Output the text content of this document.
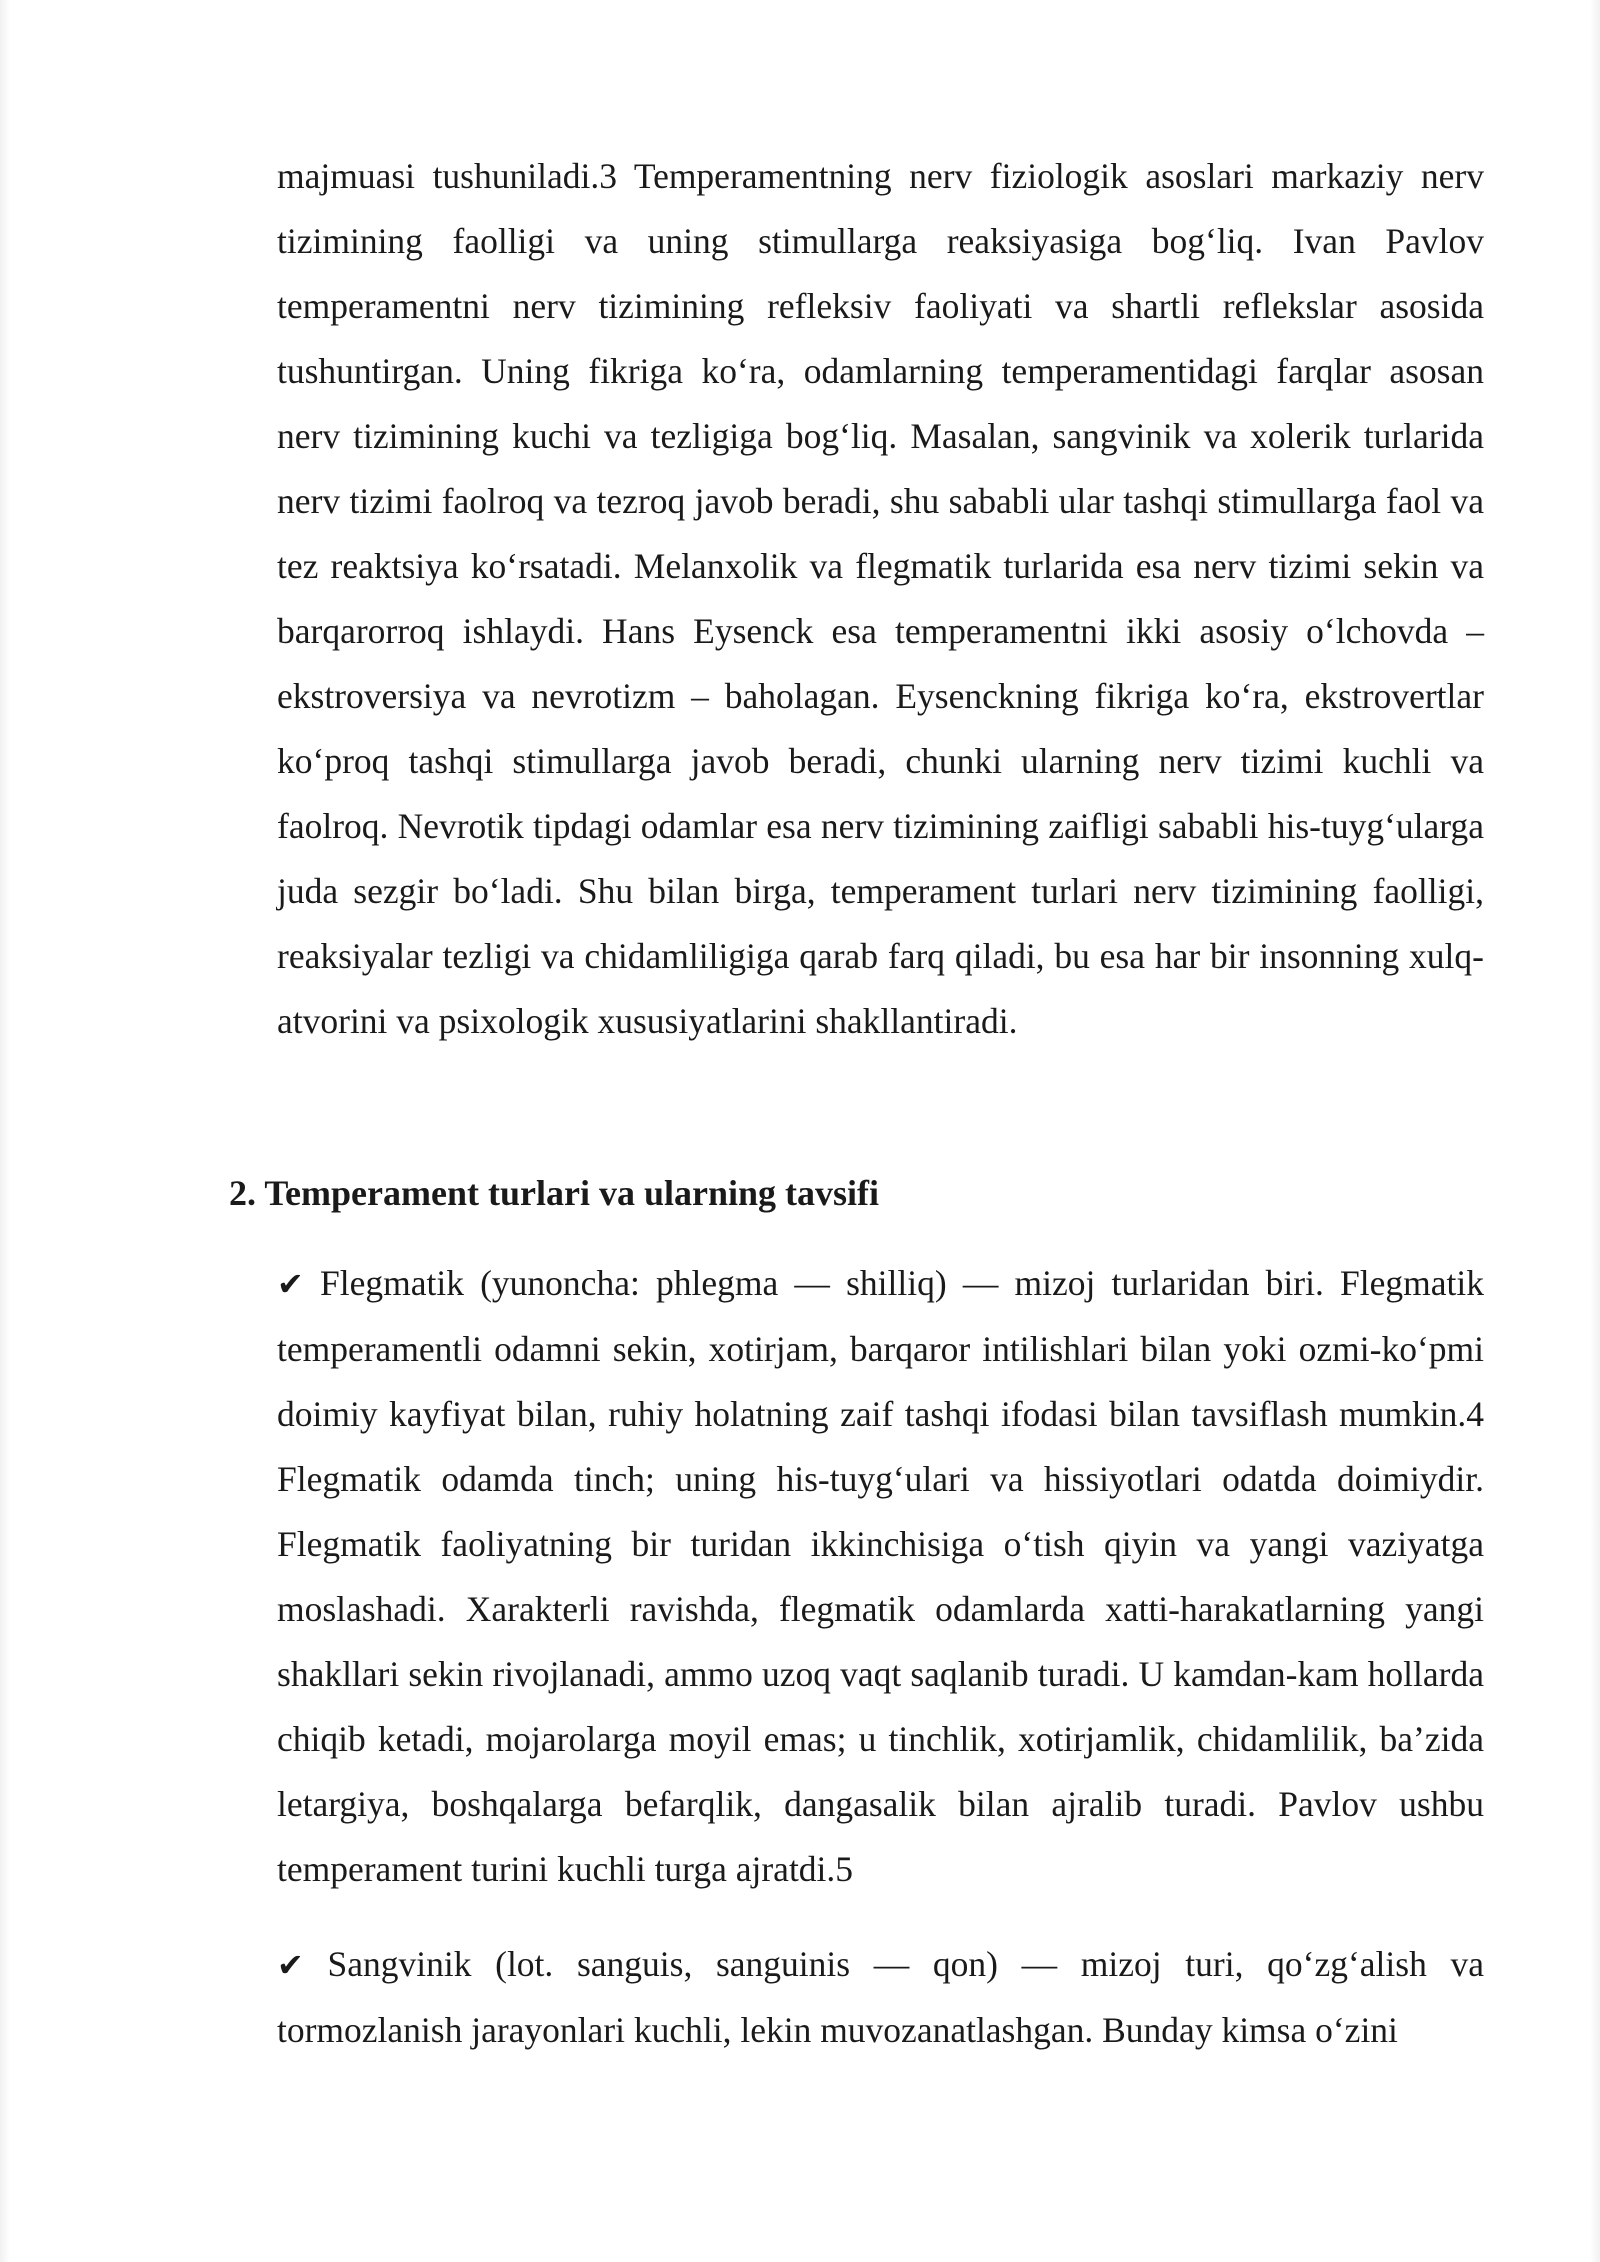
majmuasi tushuniladi.3 Temperamentning nerv fiziologik asoslari markaziy nerv tizimining faolligi va uning stimullarga reaksiyasiga bog‘liq. Ivan Pavlov temperamentni nerv tizimining refleksiv faoliyati va shartli reflekslar asosida tushuntirgan. Uning fikriga ko‘ra, odamlarning temperamentidagi farqlar asosan nerv tizimining kuchi va tezligiga bog‘liq. Masalan, sangvinik va xolerik turlarida nerv tizimi faolroq va tezroq javob beradi, shu sababli ular tashqi stimullarga faol va tez reaktsiya ko‘rsatadi. Melanxolik va flegmatik turlarida esa nerv tizimi sekin va barqarorroq ishlaydi. Hans Eysenck esa temperamentni ikki asosiy o‘lchovda – ekstroversiya va nevrotizm – baholagan. Eysenckning fikriga ko‘ra, ekstrovertlar ko‘proq tashqi stimullarga javob beradi, chunki ularning nerv tizimi kuchli va faolroq. Nevrotik tipdagi odamlar esa nerv tizimining zaifligi sababli his-tuyg‘ularga juda sezgir bo‘ladi. Shu bilan birga, temperament turlari nerv tizimining faolligi, reaksiyalar tezligi va chidamliligiga qarab farq qiladi, bu esa har bir insonning xulq-atvorini va psixologik xususiyatlarini shakllantiradi.

2. Temperament turlari va ularning tavsifi

✔ Flegmatik (yunoncha: phlegma — shilliq) — mizoj turlaridan biri. Flegmatik temperamentli odamni sekin, xotirjam, barqaror intilishlari bilan yoki ozmi-ko‘pmi doimiy kayfiyat bilan, ruhiy holatning zaif tashqi ifodasi bilan tavsiflash mumkin.4 Flegmatik odamda tinch; uning his-tuyg‘ulari va hissiyotlari odatda doimiydir. Flegmatik faoliyatning bir turidan ikkinchisiga o‘tish qiyin va yangi vaziyatga moslashadi. Xarakterli ravishda, flegmatik odamlarda xatti-harakatlarning yangi shakllari sekin rivojlanadi, ammo uzoq vaqt saqlanib turadi. U kamdan-kam hollarda chiqib ketadi, mojarolarga moyil emas; u tinchlik, xotirjamlik, chidamlilik, ba’zida letargiya, boshqalarga befarqlik, dangasalik bilan ajralib turadi. Pavlov ushbu temperament turini kuchli turga ajratdi.5

✔ Sangvinik (lot. sanguis, sanguinis — qon) — mizoj turi, qo‘zg‘alish va tormozlanish jarayonlari kuchli, lekin muvozanatlashgan. Bunday kimsa o‘zini
